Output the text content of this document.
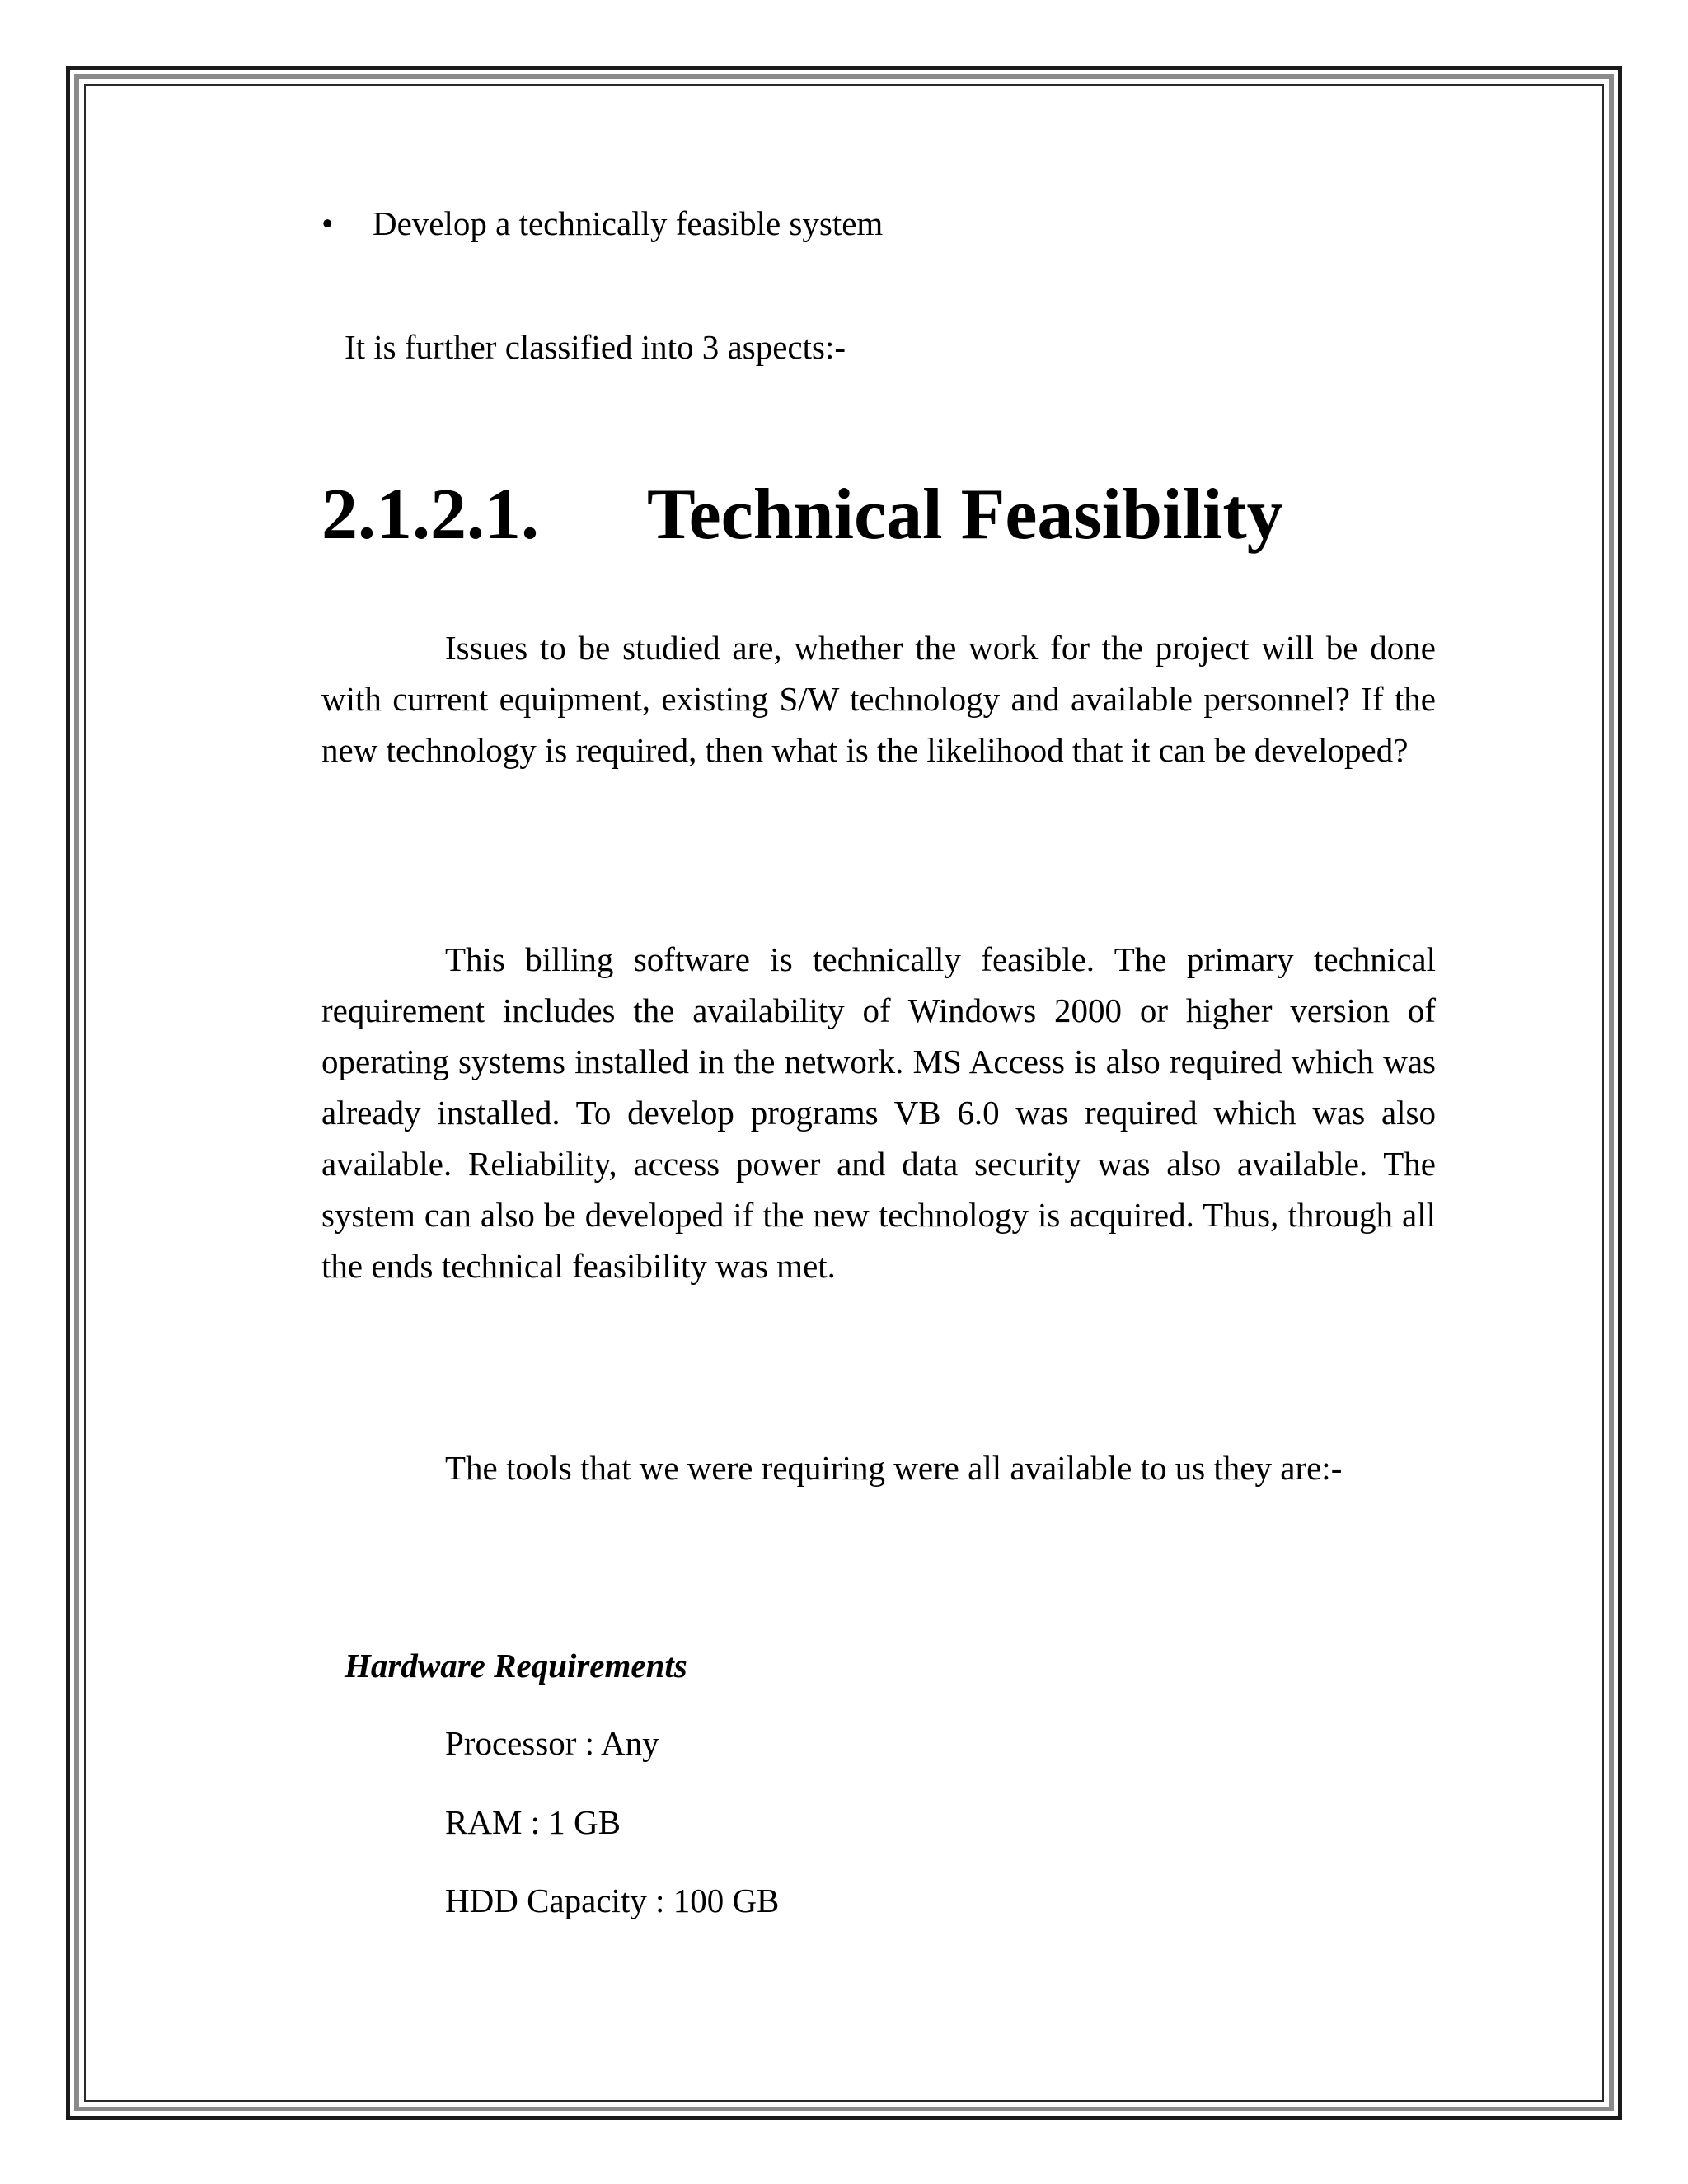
• Develop a technically feasible system
It is further classified into 3 aspects:-
2.1.2.1. Technical Feasibility

Issues to be studied are, whether the work for the project will be done with current equipment, existing S/W technology and available personnel? If the new technology is required, then what is the likelihood that it can be developed?

This billing software is technically feasible. The primary technical requirement includes the availability of Windows 2000 or higher version of operating systems installed in the network. MS Access is also required which was already installed. To develop programs VB 6.0 was required which was also available. Reliability, access power and data security was also available. The system can also be developed if the new technology is acquired. Thus, through all the ends technical feasibility was met.

The tools that we were requiring were all available to us they are:-

Hardware Requirements
Processor : Any
RAM : 1 GB
HDD Capacity : 100 GB
